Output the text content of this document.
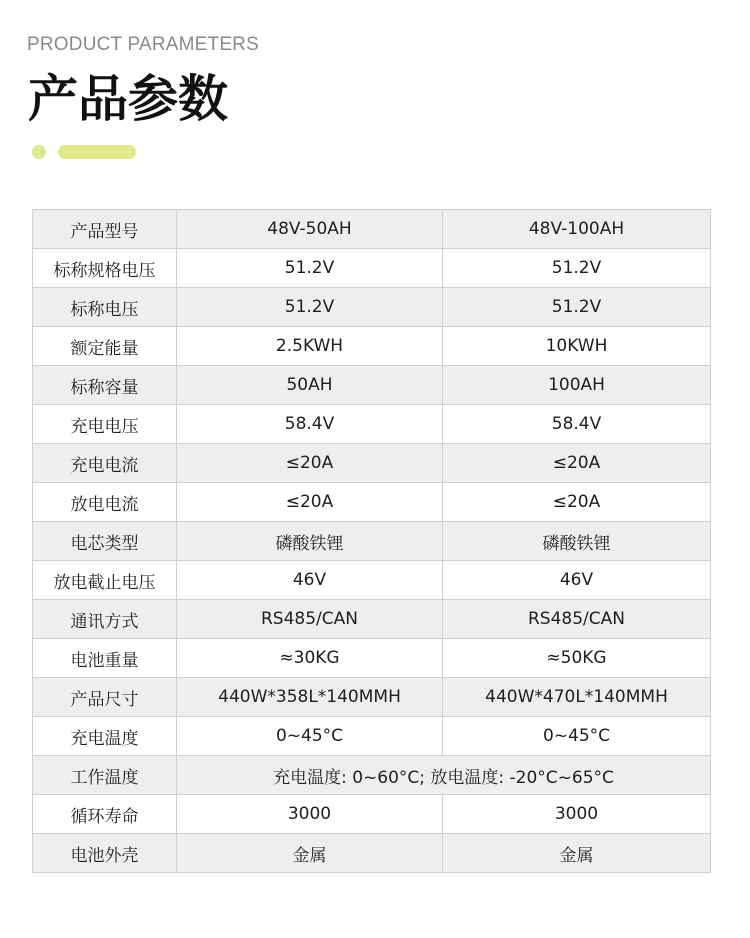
PRODUCT PARAMETERS
产品参数
产品型号	48V-50AH	48V-100AH
标称规格电压	51.2V	51.2V
标称电压	51.2V	51.2V
额定能量	2.5KWH	10KWH
标称容量	50AH	100AH
充电电压	58.4V	58.4V
充电电流	≤20A	≤20A
放电电流	≤20A	≤20A
电芯类型	磷酸铁锂	磷酸铁锂
放电截止电压	46V	46V
通讯方式	RS485/CAN	RS485/CAN
电池重量	≈30KG	≈50KG
产品尺寸	440W*358L*140MMH	440W*470L*140MMH
充电温度	0~45°C	0~45°C
工作温度	充电温度: 0~60°C; 放电温度: -20°C~65°C	
循环寿命	3000	3000
电池外壳	金属	金属
